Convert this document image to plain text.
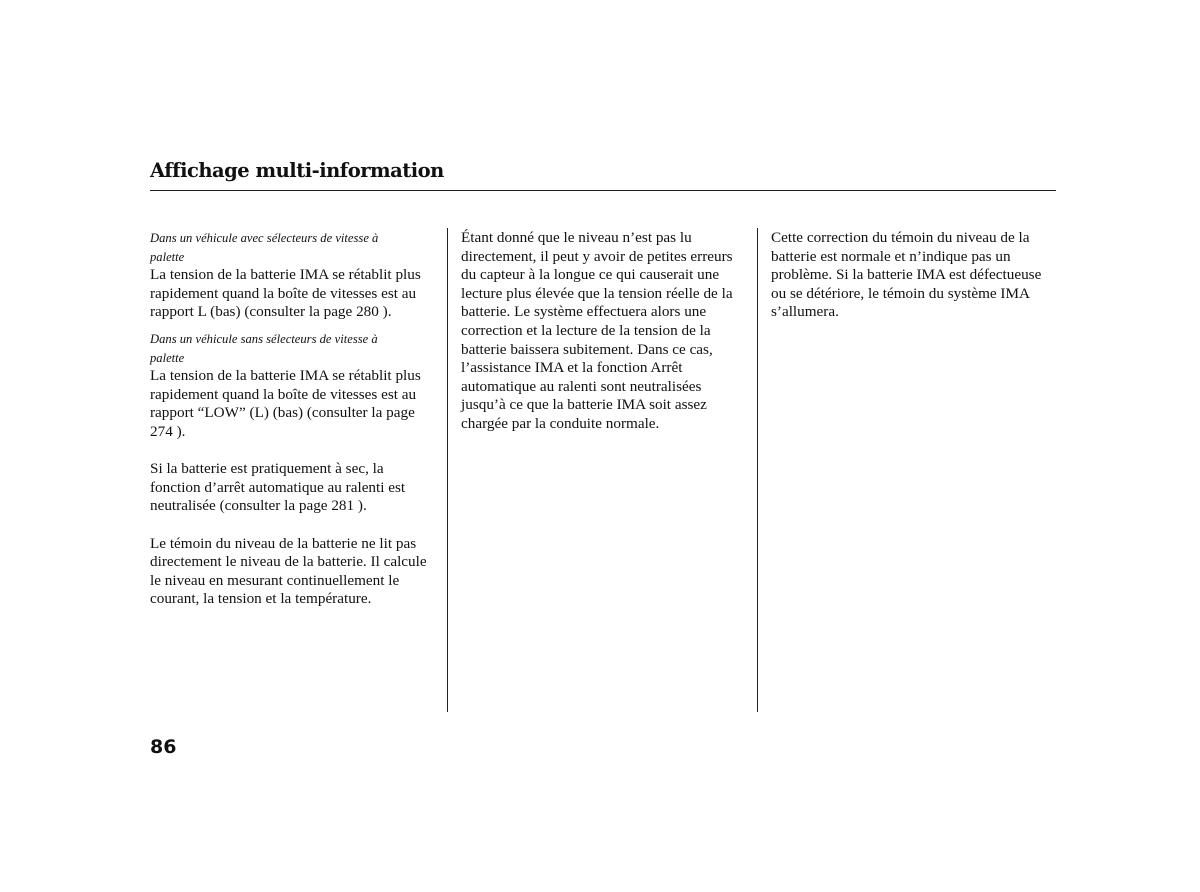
Affichage multi-information
Dans un véhicule avec sélecteurs de vitesse à
palette
La tension de la batterie IMA se rétablit plus
rapidement quand la boîte de vitesses est au
rapport L (bas) (consulter la page 280 ).
Dans un véhicule sans sélecteurs de vitesse à
palette
La tension de la batterie IMA se rétablit plus
rapidement quand la boîte de vitesses est au
rapport “LOW” (L) (bas) (consulter la page
274 ).
Si la batterie est pratiquement à sec, la
fonction d’arrêt automatique au ralenti est
neutralisée (consulter la page 281 ).
Le témoin du niveau de la batterie ne lit pas
directement le niveau de la batterie. Il calcule
le niveau en mesurant continuellement le
courant, la tension et la température.
Étant donné que le niveau n’est pas lu
directement, il peut y avoir de petites erreurs
du capteur à la longue ce qui causerait une
lecture plus élevée que la tension réelle de la
batterie. Le système effectuera alors une
correction et la lecture de la tension de la
batterie baissera subitement. Dans ce cas,
l’assistance IMA et la fonction Arrêt
automatique au ralenti sont neutralisées
jusqu’à ce que la batterie IMA soit assez
chargée par la conduite normale.
Cette correction du témoin du niveau de la
batterie est normale et n’indique pas un
problème. Si la batterie IMA est défectueuse
ou se détériore, le témoin du système IMA
s’allumera.

86
